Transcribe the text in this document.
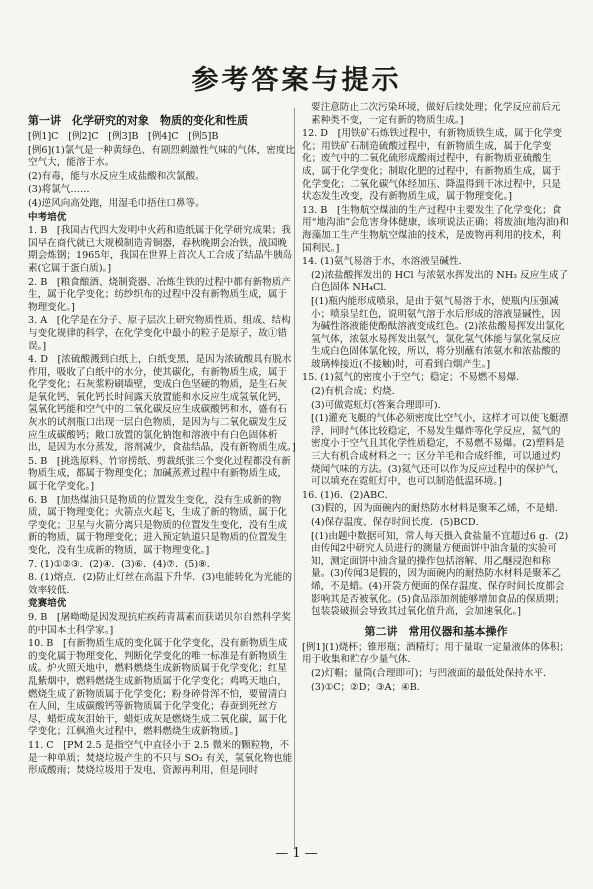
参考答案与提示
第一讲　化学研究的对象　物质的变化和性质

[例1]C　[例2]C　[例3]B　[例4]C　[例5]B

[例6](1)氯气是一种黄绿色、有剧烈刺激性气味的气体，密度比空气大，能溶于水。

(2)有毒，能与水反应生成盐酸和次氯酸。

(3)将氯气……

(4)逆风向高处跑，用湿毛巾捂住口鼻等。

中考培优

1. B　[我国古代四大发明中火药和造纸属于化学研究成果；我国早在商代就已大规模制造青铜器，春秋晚期会冶铁，战国晚期会炼钢；1965年，我国在世界上首次人工合成了结晶牛胰岛素(它属于蛋白质)。]

2. B　[粮食酿酒、烧制瓷器、冶炼生铁的过程中都有新物质产生，属于化学变化；纺纱织布的过程中没有新物质生成，属于物理变化。]

3. A　[化学是在分子、原子层次上研究物质性质、组成、结构与变化规律的科学，在化学变化中最小的粒子是原子，故①错误。]

4. D　[浓硫酸溅到白纸上，白纸变黑，是因为浓硫酸具有脱水作用，吸收了白纸中的水分，使其碳化，有新物质生成，属于化学变化；石灰浆粉刷墙壁，变成白色坚硬的物质，是生石灰是氧化钙，氧化钙长时间露天放置能和水反应生成氢氧化钙，氢氧化钙能和空气中的二氧化碳反应生成碳酸钙和水，盛有石灰水的试剂瓶口出现一层白色物质，是因为与二氧化碳发生反应生成碳酸钙；敞口放置的氯化钠饱和溶液中有白色固体析出，是因为水分蒸发，溶剂减少，食盐结晶，没有新物质生成。]

5. B　[挑选原料、竹帘捞纸、剪裁纸张三个变化过程都没有新物质生成，都属于物理变化；加碱蒸煮过程中有新物质生成，属于化学变化。]

6. B　[加热煤油只是物质的位置发生变化，没有生成新的物质，属于物理变化；火箭点火起飞，生成了新的物质，属于化学变化；卫星与火箭分离只是物质的位置发生变化，没有生成新的物质，属于物理变化；进入预定轨道只是物质的位置发生变化，没有生成新的物质，属于物理变化。]

7. (1)①②③．(2)④．(3)⑥．(4)⑦．(5)⑧．

8. (1)熔点．(2)防止灯丝在高温下升华．(3)电能转化为光能的效率较低．

竞赛培优

9. B　[屠呦呦是因发现抗疟疾药青蒿素而获诺贝尔自然科学奖的中国本土科学家。]

10. B　[有新物质生成的变化属于化学变化，没有新物质生成的变化属于物理变化，判断化学变化的唯一标准是有新物质生成。炉火照天地中，燃料燃烧生成新物质属于化学变化；红星乱紫烟中，燃料燃烧生成新物质属于化学变化；鸡鸣天地白，燃烧生成了新物质属于化学变化；粉身碎骨浑不怕，要留清白在人间，生成碳酸钙等新物质属于化学变化；春蚕到死丝方尽，蜡炬成灰泪始干，蜡炬成灰是燃烧生成二氧化碳，属于化学变化；江枫渔火过程中，燃料燃烧生成新物质。]

11. C　[PM 2.5 是指空气中直径小于 2.5 微米的颗粒物，不是一种单质；焚烧垃圾产生的不只与 SO₂ 有关，氢氧化物也能形成酸雨；焚烧垃圾用于发电，资源再利用，但是同时

要注意防止二次污染环境，做好后续处理；化学反应前后元素种类不变，一定有新的物质生成。]

12. D　[用铁矿石炼铁过程中，有新物质铁生成，属于化学变化；用铁矿石制造硫酸过程中，有新物质生成，属于化学变化；废气中的二氧化硫形成酸雨过程中，有新物质亚硫酸生成，属于化学变化；制取化肥的过程中，有新物质生成，属于化学变化；二氧化碳气体经加压、降温得到干冰过程中，只是状态发生改变，没有新物质生成，属于物理变化。]

13. B　[生物航空煤油的生产过程中主要发生了化学变化；食用“地沟油”会危害身体健康，该项说法正确；将废油(地沟油)和海藻加工生产生物航空煤油的技术，是废物再利用的技术，利国利民。]

14. (1)氨气易溶于水，水溶液呈碱性．

(2)浓盐酸挥发出的 HCl 与浓氨水挥发出的 NH₃ 反应生成了白色固体 NH₄Cl．

[(1)瓶内能形成喷泉，是由于氨气易溶于水，使瓶内压强减小；喷泉呈红色，说明氨气溶于水后形成的溶液显碱性，因为碱性溶液能使酚酞溶液变成红色。(2)浓盐酸易挥发出氯化氢气体，浓氨水易挥发出氨气，氯化氢气体能与氯化氢反应生成白色固体氯化铵，所以，将分别蘸有浓氨水和浓盐酸的玻璃棒接近(不接触)时，可看到白烟产生。]

15. (1)氦气的密度小于空气；稳定；不易燃不易爆．

(2)有机合成；灼烧．

(3)可做霓虹灯(答案合理即可)．

[(1)灌充飞艇的气体必须密度比空气小，这样才可以使飞艇漂浮，同时气体比较稳定，不易发生爆炸等化学反应，氦气的密度小于空气且其化学性质稳定，不易燃不易爆。(2)塑料是三大有机合成材料之一；区分羊毛和合成纤维，可以通过灼烧闻气味的方法。(3)氦气还可以作为反应过程中的保护气，可以填充在霓虹灯中，也可以制造低温环境。]

16. (1)6．(2)ABC．

(3)假的，因为面碗内的耐热防水材料是聚苯乙烯，不是蜡．

(4)保存温度、保存时间长度．(5)BCD．

[(1)由题中数据可知，常人每天摄入食盐量不宜超过6 g．(2)由传闻2中研究人员进行的测量方便面饼中油含量的实验可知，测定面饼中油含量的操作包括溶解、用乙醚浸泡和称量。(3)传闻3是假的，因为面碗内的耐热防水材料是聚苯乙烯，不是蜡。(4)开袋方便面的保存温度、保存时间长度都会影响其是否被氧化。(5)食品添加剂能够增加食品的保质期；包装袋破损会导致其过氧化值升高，会加速氧化。]

第二讲　常用仪器和基本操作

[例1](1)烧杯；锥形瓶；酒精灯；用于量取一定量液体的体积；用于收集和贮存少量气体．

(2)灯帽；量筒(合理即可)；与凹液面的最低处保持水平．

(3)①C；②D；③A；④B．

— 1 —
